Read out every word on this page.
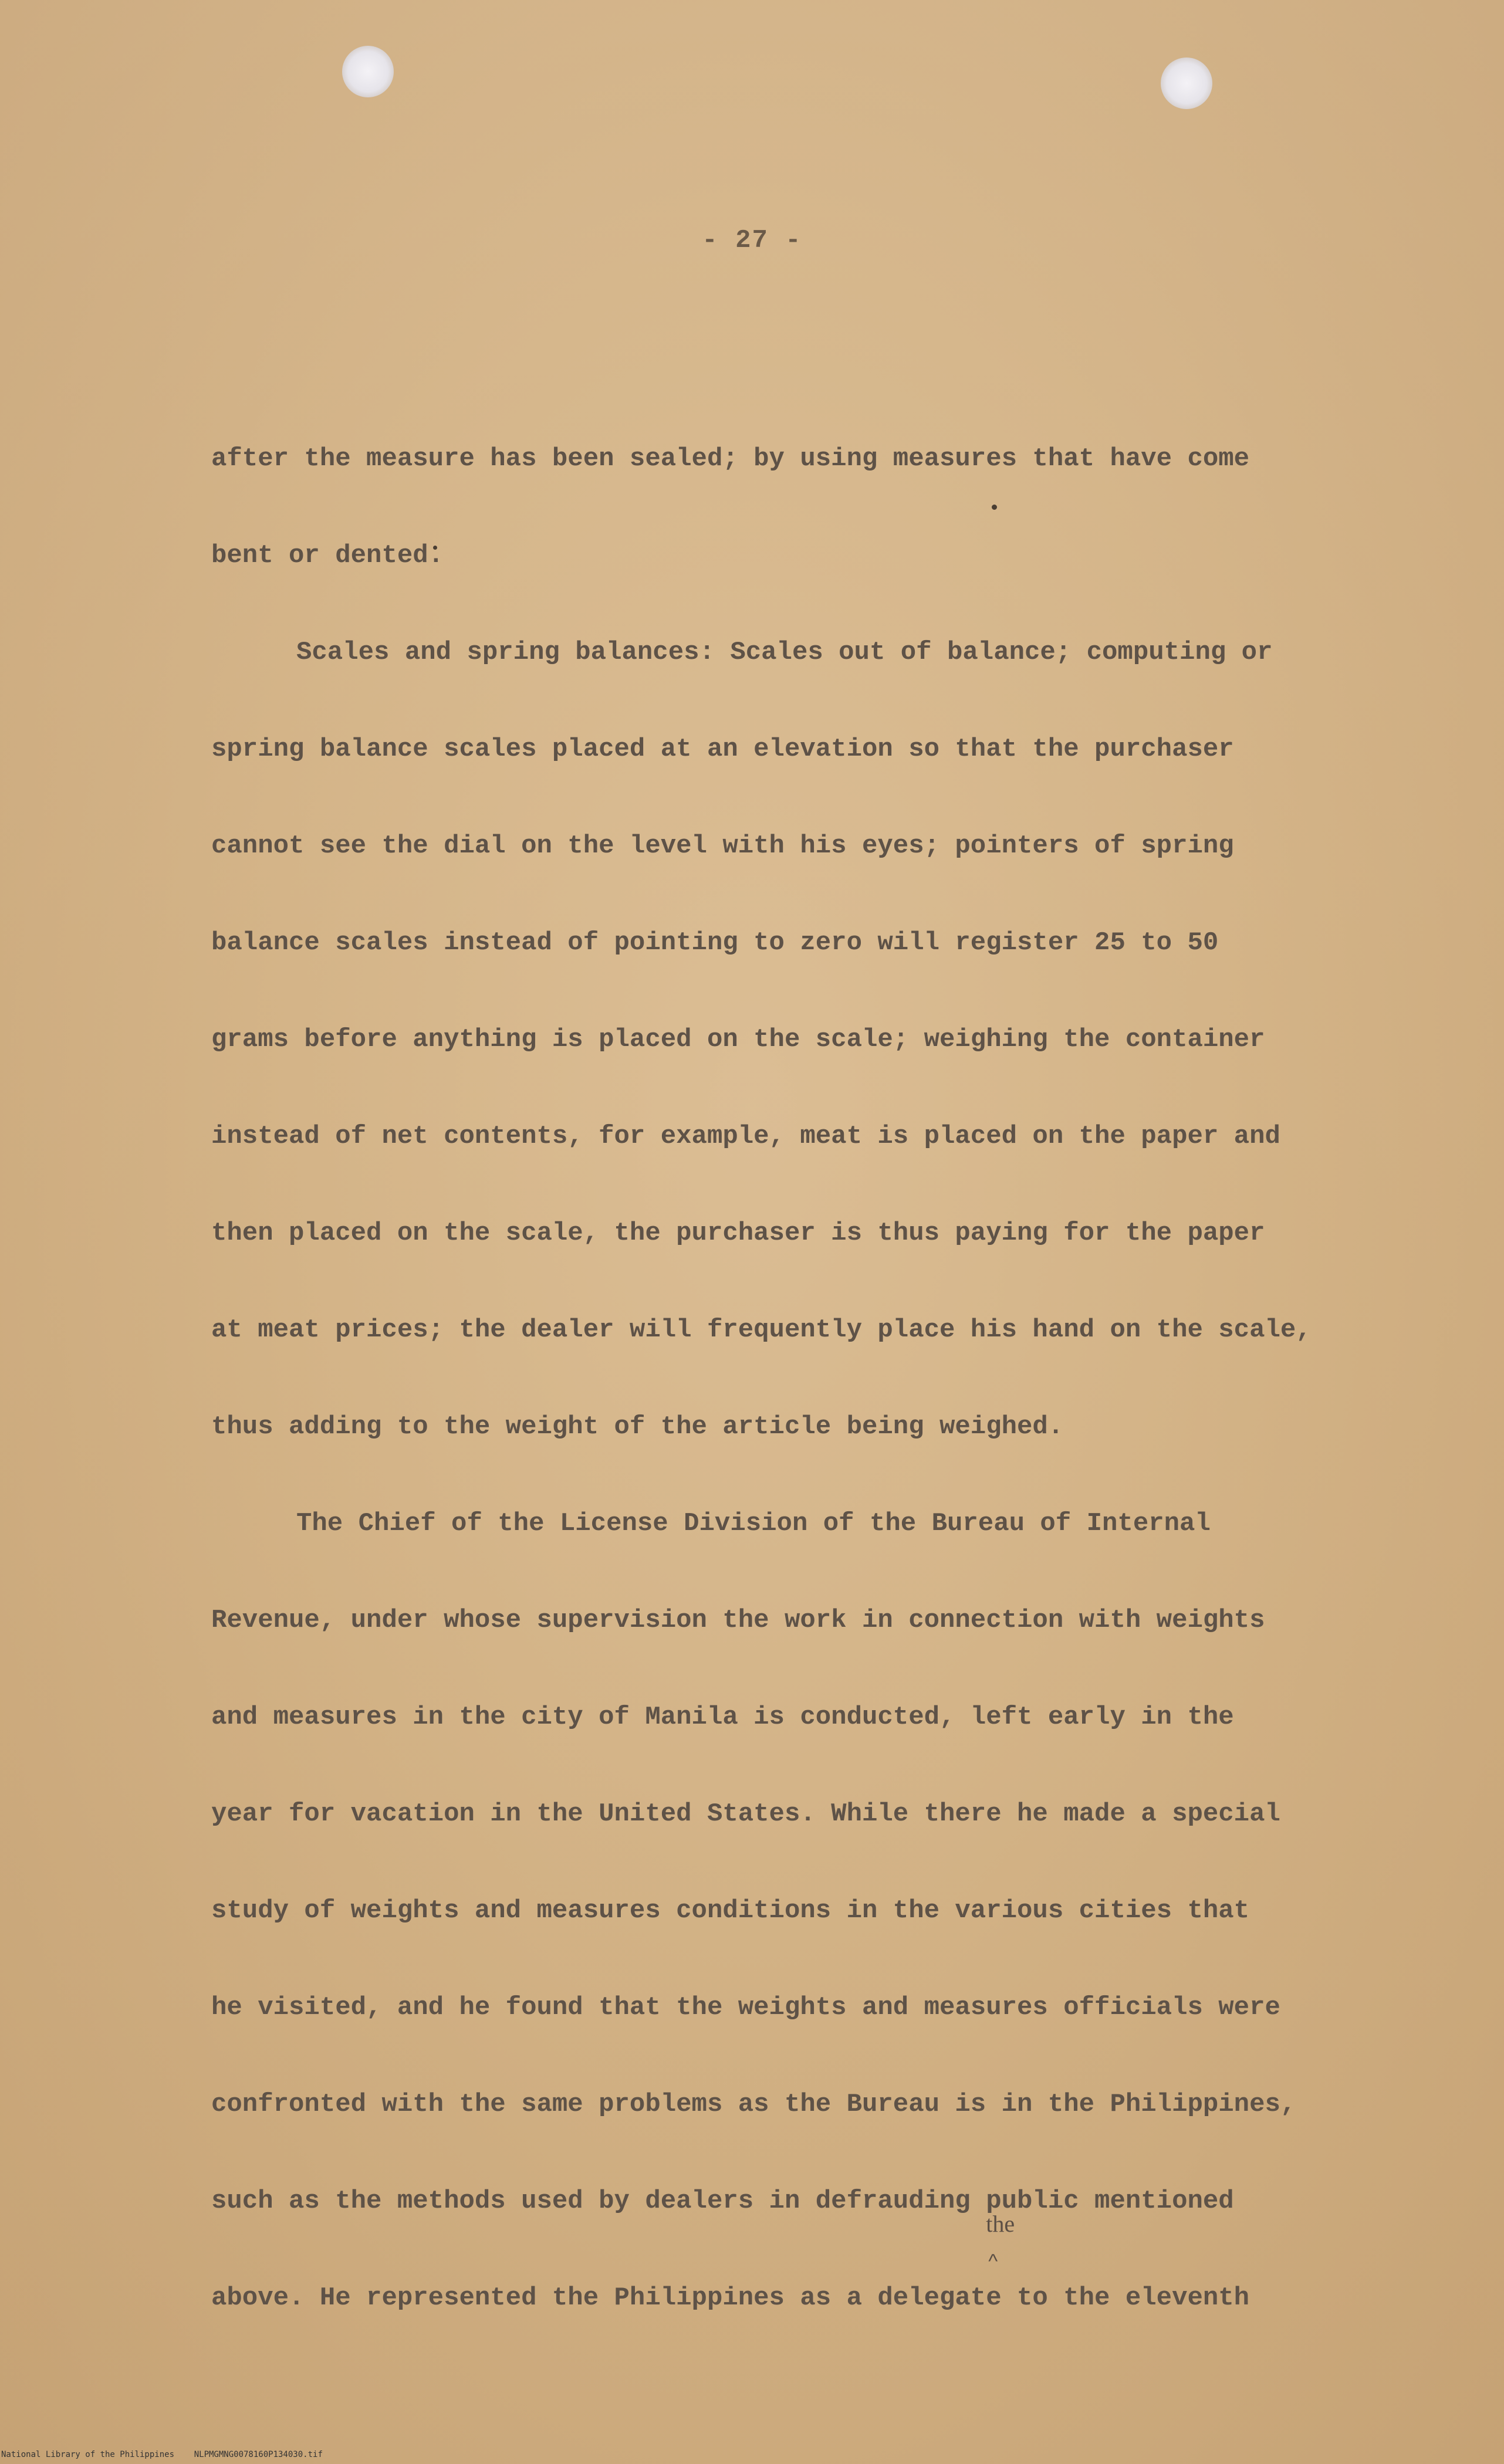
- 27 -
after the measure has been sealed; by using measures that have come
bent or dented.
Scales and spring balances: Scales out of balance; computing or
spring balance scales placed at an elevation so that the purchaser
cannot see the dial on the level with his eyes; pointers of spring
balance scales instead of pointing to zero will register 25 to 50
grams before anything is placed on the scale; weighing the container
instead of net contents, for example, meat is placed on the paper and
then placed on the scale, the purchaser is thus paying for the paper
at meat prices; the dealer will frequently place his hand on the scale,
thus adding to the weight of the article being weighed.
The Chief of the License Division of the Bureau of Internal
Revenue, under whose supervision the work in connection with weights
and measures in the city of Manila is conducted, left early in the
year for vacation in the United States. While there he made a special
study of weights and measures conditions in the various cities that
he visited, and he found that the weights and measures officials were
confronted with the same problems as the Bureau is in the Philippines,
such as the methods used by dealers in defrauding
the
^
public mentioned
above. He represented the Philippines as a delegate to the eleventh
National Library of the Philippines    NLPMGMNG0078160P134030.tif
